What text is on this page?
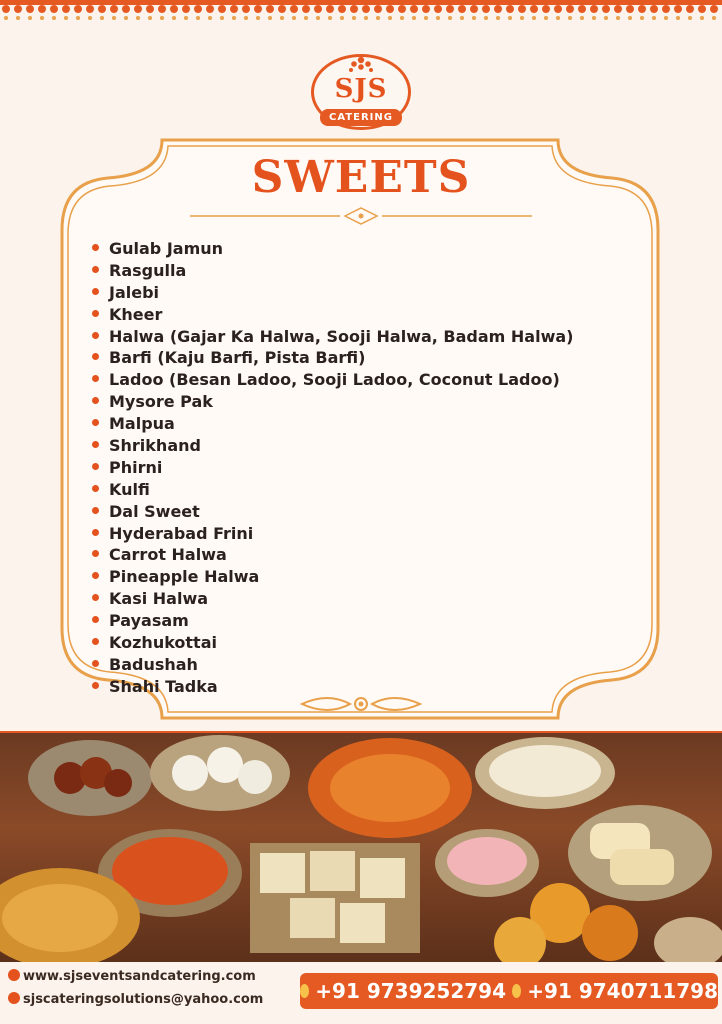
SJS
CATERING
SWEETS
Gulab Jamun
Rasgulla
Jalebi
Kheer
Halwa (Gajar Ka Halwa, Sooji Halwa, Badam Halwa)
Barfi (Kaju Barfi, Pista Barfi)
Ladoo (Besan Ladoo, Sooji Ladoo, Coconut Ladoo)
Mysore Pak
Malpua
Shrikhand
Phirni
Kulfi
Dal Sweet
Hyderabad Frini
Carrot Halwa
Pineapple Halwa
Kasi Halwa
Payasam
Kozhukottai
Badushah
Shahi Tadka
www.sjseventsandcatering.com
sjscateringsolutions@yahoo.com	+91 9739252794 +91 9740711798
